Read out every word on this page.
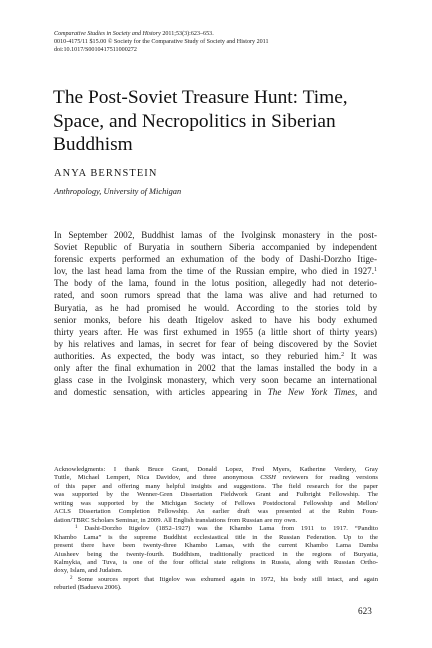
Comparative Studies in Society and History 2011;53(3):623–653.
0010-4175/11 $15.00 © Society for the Comparative Study of Society and History 2011
doi:10.1017/S0010417511000272
The Post-Soviet Treasure Hunt: Time,
Space, and Necropolitics in Siberian
Buddhism
ANYA BERNSTEIN
Anthropology, University of Michigan
In September 2002, Buddhist lamas of the Ivolginsk monastery in the post-
Soviet Republic of Buryatia in southern Siberia accompanied by independent
forensic experts performed an exhumation of the body of Dashi-Dorzho Itige-
lov, the last head lama from the time of the Russian empire, who died in 1927.$^1$
The body of the lama, found in the lotus position, allegedly had not deterio-
rated, and soon rumors spread that the lama was alive and had returned to
Buryatia, as he had promised he would. According to the stories told by
senior monks, before his death Itigelov asked to have his body exhumed
thirty years after. He was first exhumed in 1955 (a little short of thirty years)
by his relatives and lamas, in secret for fear of being discovered by the Soviet
authorities. As expected, the body was intact, so they reburied him.$^2$ It was
only after the final exhumation in 2002 that the lamas installed the body in a
glass case in the Ivolginsk monastery, which very soon became an international
and domestic sensation, with articles appearing in The New York Times, and
Acknowledgments: I thank Bruce Grant, Donald Lopez, Fred Myers, Katherine Verdery, Gray
Tuttle, Michael Lempert, Nica Davidov, and three anonymous CSSH reviewers for reading versions
of this paper and offering many helpful insights and suggestions. The field research for the paper
was supported by the Wenner-Gren Dissertation Fieldwork Grant and Fulbright Fellowship. The
writing was supported by the Michigan Society of Fellows Postdoctoral Fellowship and Mellon/
ACLS Dissertation Completion Fellowship. An earlier draft was presented at the Rubin Foun-
dation/TBRC Scholars Seminar, in 2009. All English translations from Russian are my own.
$^1$ Dashi-Dorzho Itigelov (1852–1927) was the Khambo Lama from 1911 to 1917. “Pandito
Khambo Lama” is the supreme Buddhist ecclesiastical title in the Russian Federation. Up to the
present there have been twenty-three Khambo Lamas, with the current Khambo Lama Damba
Aiusheev being the twenty-fourth. Buddhism, traditionally practiced in the regions of Buryatia,
Kalmykia, and Tuva, is one of the four official state religions in Russia, along with Russian Ortho-
doxy, Islam, and Judaism.
$^2$ Some sources report that Itigelov was exhumed again in 1972, his body still intact, and again
reburied (Badueva 2006).
623
